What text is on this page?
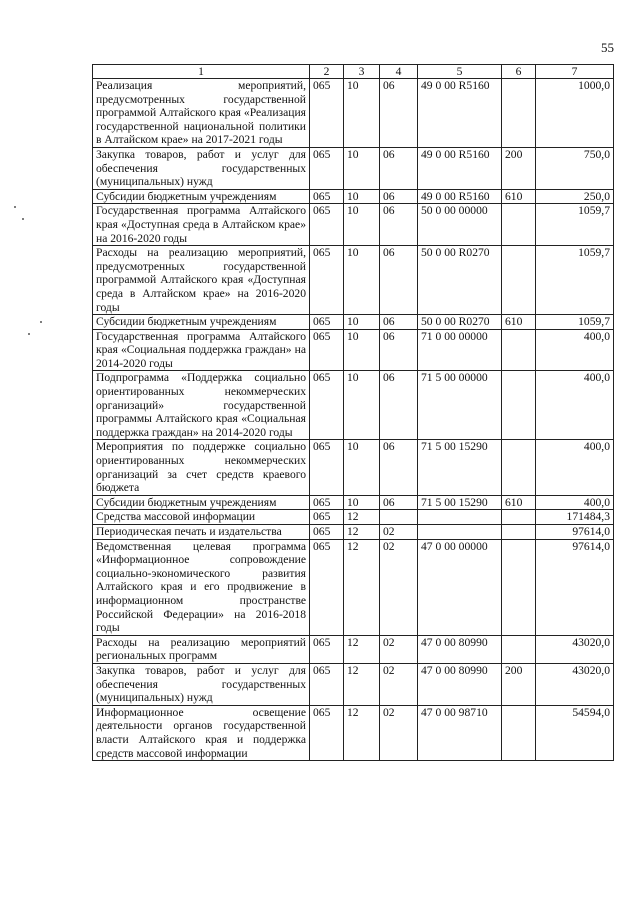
55
1	2	3	4	5	6	7
Реализация мероприятий, предусмотренных государственной программой Алтайского края «Реализация государственной национальной политики в Алтайском крае» на 2017-2021 годы	065	10	06	49 0 00 R5160		1000,0
Закупка товаров, работ и услуг для обеспечения государственных (муниципальных) нужд	065	10	06	49 0 00 R5160	200	750,0
Субсидии бюджетным учреждениям	065	10	06	49 0 00 R5160	610	250,0
Государственная программа Алтайского края «Доступная среда в Алтайском крае» на 2016-2020 годы	065	10	06	50 0 00 00000		1059,7
Расходы на реализацию мероприятий, предусмотренных государственной программой Алтайского края «Доступная среда в Алтайском крае» на 2016-2020 годы	065	10	06	50 0 00 R0270		1059,7
Субсидии бюджетным учреждениям	065	10	06	50 0 00 R0270	610	1059,7
Государственная программа Алтайского края «Социальная поддержка граждан» на 2014-2020 годы	065	10	06	71 0 00 00000		400,0
Подпрограмма «Поддержка социально ориентированных некоммерческих организаций» государственной программы Алтайского края «Социальная поддержка граждан» на 2014-2020 годы	065	10	06	71 5 00 00000		400,0
Мероприятия по поддержке социально ориентированных некоммерческих организаций за счет средств краевого бюджета	065	10	06	71 5 00 15290		400,0
Субсидии бюджетным учреждениям	065	10	06	71 5 00 15290	610	400,0
Средства массовой информации	065	12				171484,3
Периодическая печать и издательства	065	12	02			97614,0
Ведомственная целевая программа «Информационное сопровождение социально-экономического развития Алтайского края и его продвижение в информационном пространстве Российской Федерации» на 2016-2018 годы	065	12	02	47 0 00 00000		97614,0
Расходы на реализацию мероприятий региональных программ	065	12	02	47 0 00 80990		43020,0
Закупка товаров, работ и услуг для обеспечения государственных (муниципальных) нужд	065	12	02	47 0 00 80990	200	43020,0
Информационное освещение деятельности органов государственной власти Алтайского края и поддержка средств массовой информации	065	12	02	47 0 00 98710		54594,0
